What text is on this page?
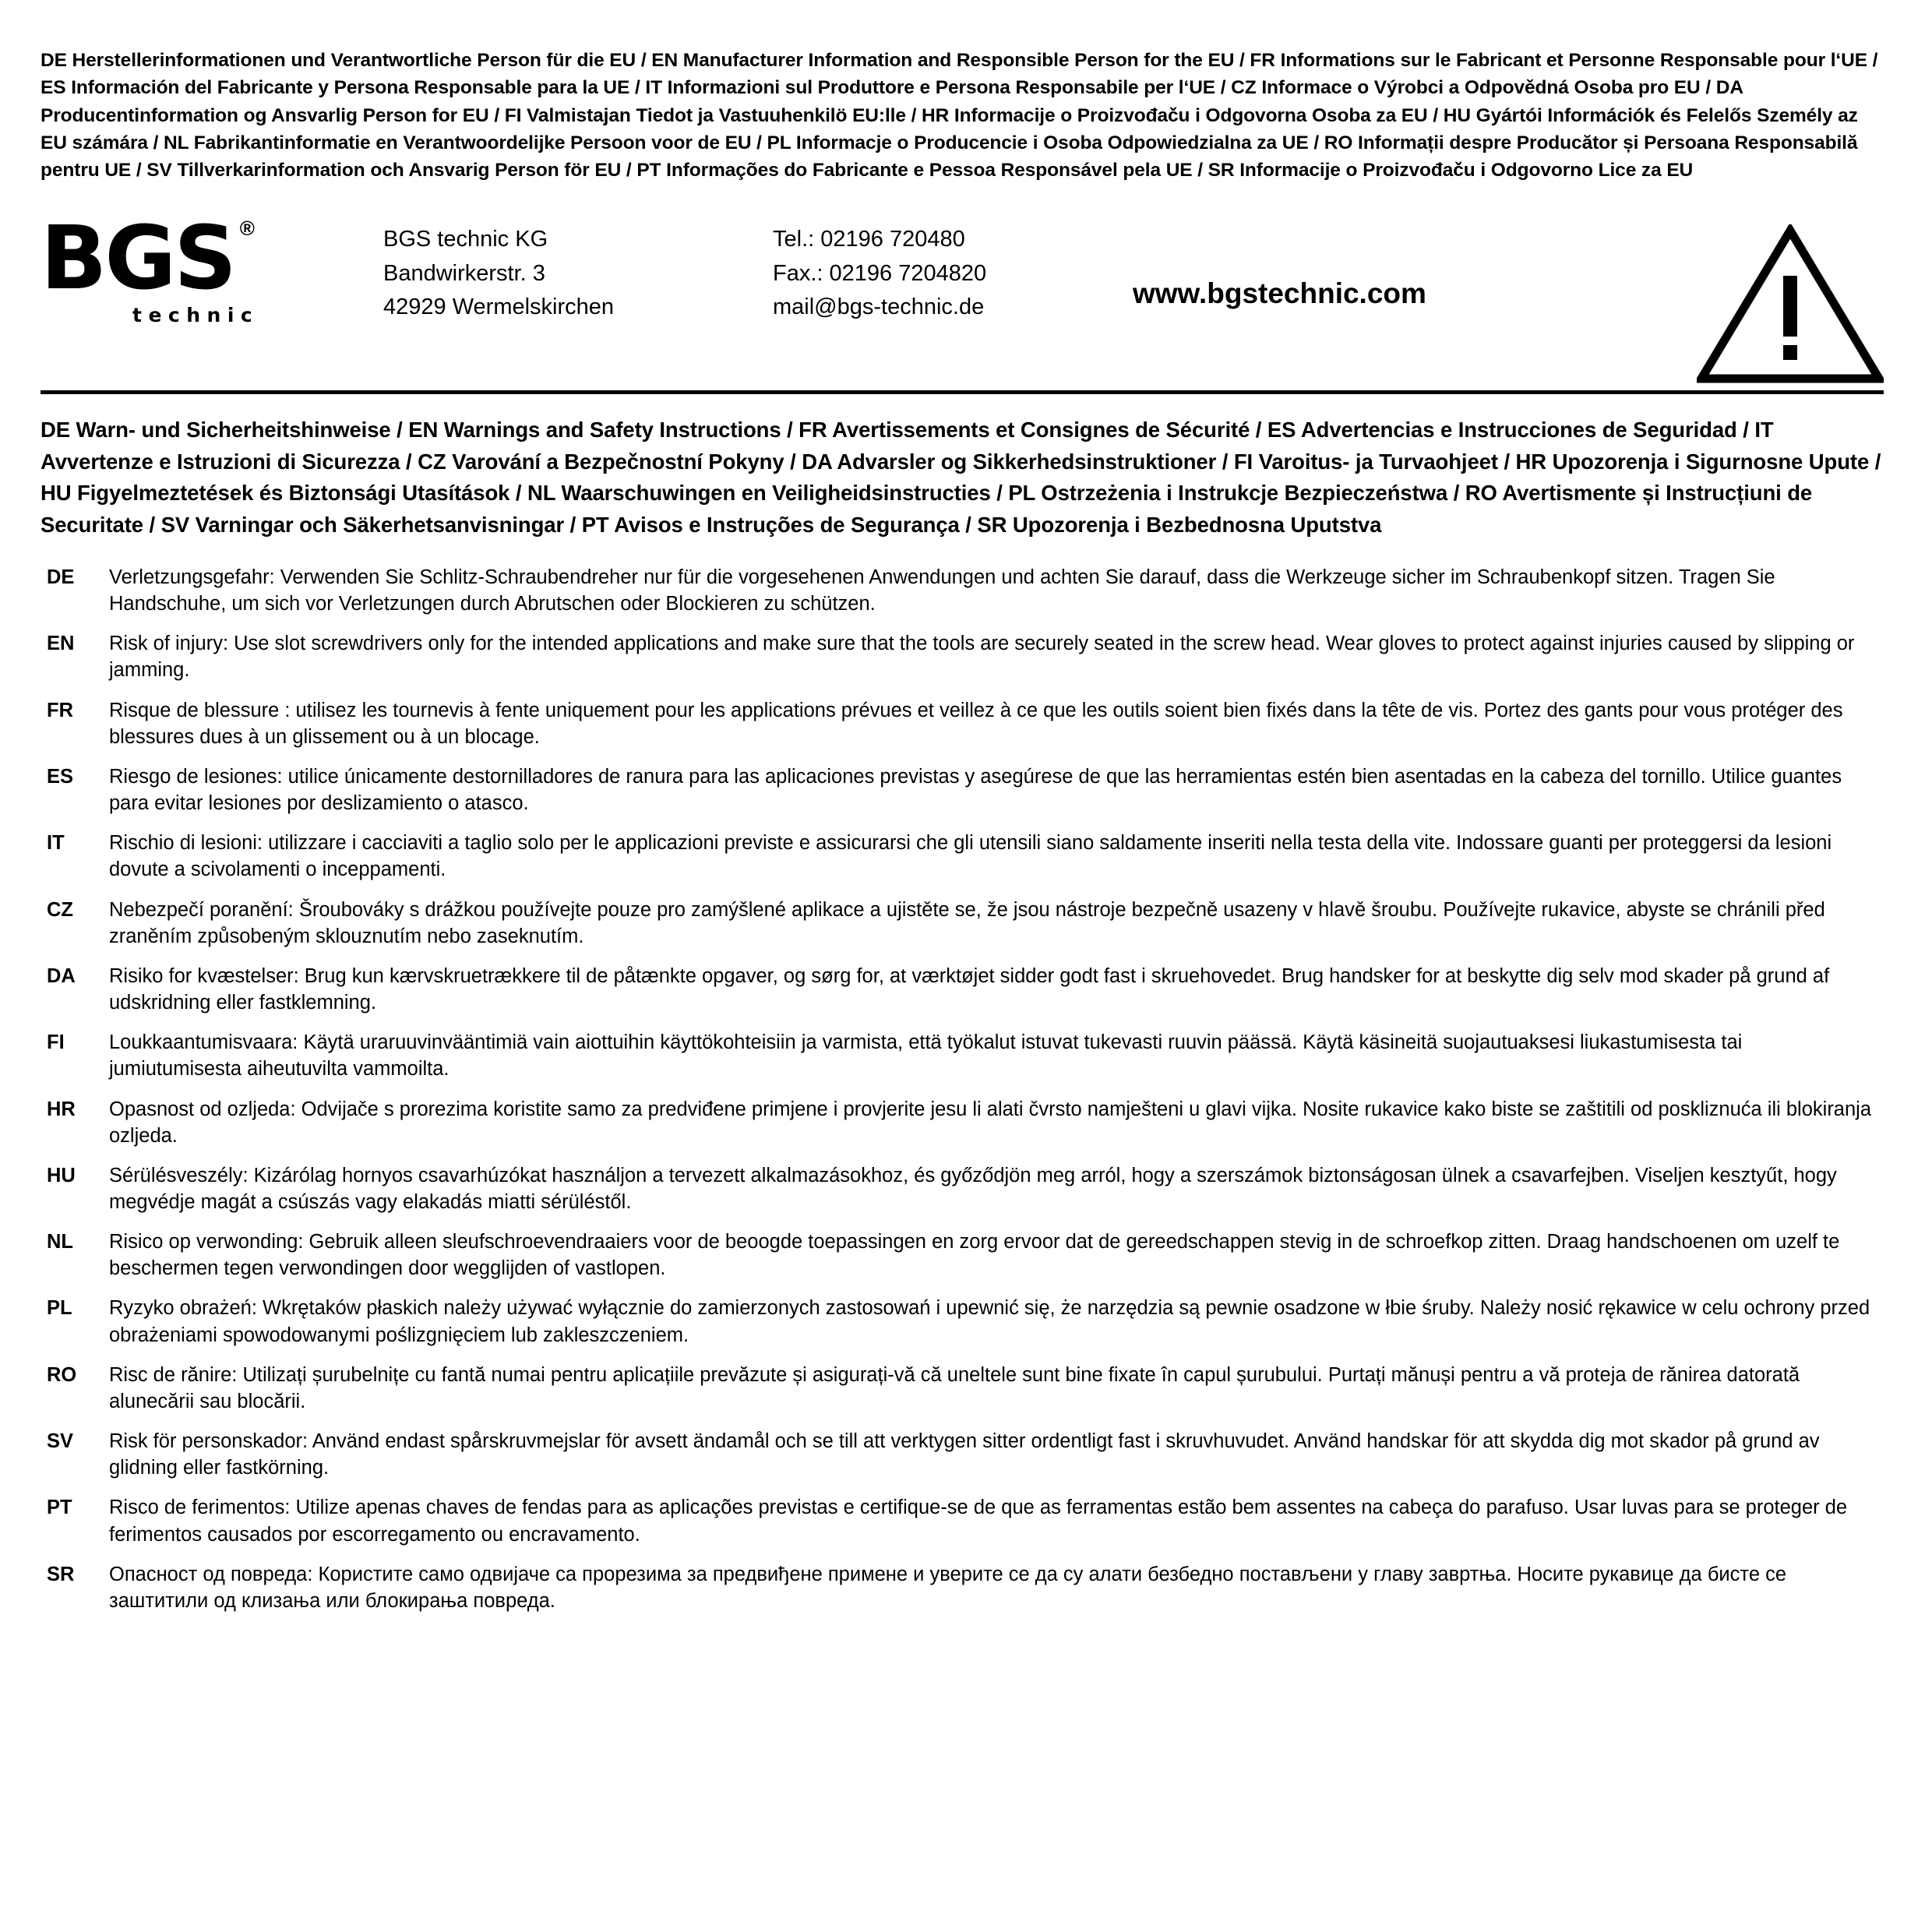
DE Herstellerinformationen und Verantwortliche Person für die EU / EN Manufacturer Information and Responsible Person for the EU / FR Informations sur le Fabricant et Personne Responsable pour l‘UE / ES Información del Fabricante y Persona Responsable para la UE / IT Informazioni sul Produttore e Persona Responsabile per l‘UE / CZ Informace o Výrobci a Odpovědná Osoba pro EU / DA Producentinformation og Ansvarlig Person for EU / FI Valmistajan Tiedot ja Vastuuhenkilö EU:lle / HR Informacije o Proizvođaču i Odgovorna Osoba za EU / HU Gyártói Információk és Felelős Személy az EU számára / NL Fabrikantinformatie en Verantwoordelijke Persoon voor de EU / PL Informacje o Producencie i Osoba Odpowiedzialna za UE / RO Informații despre Producător și Persoana Responsabilă pentru UE / SV Tillverkarinformation och Ansvarig Person för EU / PT Informações do Fabricante e Pessoa Responsável pela UE / SR Informacije o Proizvođaču i Odgovorno Lice za EU
BGS ®
technic
BGS technic KG
Bandwirkerstr. 3
42929 Wermelskirchen
Tel.: 02196 720480
Fax.: 02196 7204820
mail@bgs-technic.de	www.bgstechnic.com
DE Warn- und Sicherheitshinweise / EN Warnings and Safety Instructions / FR Avertissements et Consignes de Sécurité / ES Advertencias e Instrucciones de Seguridad / IT Avvertenze e Istruzioni di Sicurezza / CZ Varování a Bezpečnostní Pokyny / DA Advarsler og Sikkerhedsinstruktioner / FI Varoitus- ja Turvaohjeet / HR Upozorenja i Sigurnosne Upute / HU Figyelmeztetések és Biztonsági Utasítások / NL Waarschuwingen en Veiligheidsinstructies / PL Ostrzeżenia i Instrukcje Bezpieczeństwa / RO Avertismente și Instrucțiuni de Securitate / SV Varningar och Säkerhetsanvisningar / PT Avisos e Instruções de Segurança / SR Upozorenja i Bezbednosna Uputstva
DE	Verletzungsgefahr: Verwenden Sie Schlitz-Schraubendreher nur für die vorgesehenen Anwendungen und achten Sie darauf, dass die Werkzeuge sicher im Schraubenkopf sitzen. Tragen Sie Handschuhe, um sich vor Verletzungen durch Abrutschen oder Blockieren zu schützen.
EN	Risk of injury: Use slot screwdrivers only for the intended applications and make sure that the tools are securely seated in the screw head. Wear gloves to protect against injuries caused by slipping or jamming.
FR	Risque de blessure : utilisez les tournevis à fente uniquement pour les applications prévues et veillez à ce que les outils soient bien fixés dans la tête de vis. Portez des gants pour vous protéger des blessures dues à un glissement ou à un blocage.
ES	Riesgo de lesiones: utilice únicamente destornilladores de ranura para las aplicaciones previstas y asegúrese de que las herramientas estén bien asentadas en la cabeza del tornillo. Utilice guantes para evitar lesiones por deslizamiento o atasco.
IT	Rischio di lesioni: utilizzare i cacciaviti a taglio solo per le applicazioni previste e assicurarsi che gli utensili siano saldamente inseriti nella testa della vite. Indossare guanti per proteggersi da lesioni dovute a scivolamenti o inceppamenti.
CZ	Nebezpečí poranění: Šroubováky s drážkou používejte pouze pro zamýšlené aplikace a ujistěte se, že jsou nástroje bezpečně usazeny v hlavě šroubu. Používejte rukavice, abyste se chránili před zraněním způsobeným sklouznutím nebo zaseknutím.
DA	Risiko for kvæstelser: Brug kun kærvskruetrækkere til de påtænkte opgaver, og sørg for, at værktøjet sidder godt fast i skruehovedet. Brug handsker for at beskytte dig selv mod skader på grund af udskridning eller fastklemning.
FI	Loukkaantumisvaara: Käytä uraruuvinvääntimiä vain aiottuihin käyttökohteisiin ja varmista, että työkalut istuvat tukevasti ruuvin päässä. Käytä käsineitä suojautuaksesi liukastumisesta tai jumiutumisesta aiheutuvilta vammoilta.
HR	Opasnost od ozljeda: Odvijače s prorezima koristite samo za predviđene primjene i provjerite jesu li alati čvrsto namješteni u glavi vijka. Nosite rukavice kako biste se zaštitili od poskliznuća ili blokiranja ozljeda.
HU	Sérülésveszély: Kizárólag hornyos csavarhúzókat használjon a tervezett alkalmazásokhoz, és győződjön meg arról, hogy a szerszámok biztonságosan ülnek a csavarfejben. Viseljen kesztyűt, hogy megvédje magát a csúszás vagy elakadás miatti sérüléstől.
NL	Risico op verwonding: Gebruik alleen sleufschroevendraaiers voor de beoogde toepassingen en zorg ervoor dat de gereedschappen stevig in de schroefkop zitten. Draag handschoenen om uzelf te beschermen tegen verwondingen door wegglijden of vastlopen.
PL	Ryzyko obrażeń: Wkrętaków płaskich należy używać wyłącznie do zamierzonych zastosowań i upewnić się, że narzędzia są pewnie osadzone w łbie śruby. Należy nosić rękawice w celu ochrony przed obrażeniami spowodowanymi poślizgnięciem lub zakleszczeniem.
RO	Risc de rănire: Utilizați șurubelnițe cu fantă numai pentru aplicațiile prevăzute și asigurați-vă că uneltele sunt bine fixate în capul șurubului. Purtați mănuși pentru a vă proteja de rănirea datorată alunecării sau blocării.
SV	Risk för personskador: Använd endast spårskruvmejslar för avsett ändamål och se till att verktygen sitter ordentligt fast i skruvhuvudet. Använd handskar för att skydda dig mot skador på grund av glidning eller fastkörning.
PT	Risco de ferimentos: Utilize apenas chaves de fendas para as aplicações previstas e certifique-se de que as ferramentas estão bem assentes na cabeça do parafuso. Usar luvas para se proteger de ferimentos causados por escorregamento ou encravamento.
SR	Опасност од повреда: Користите само одвијаче са прорезима за предвиђене примене и уверите се да су алати безбедно постављени у главу завртња. Носите рукавице да бисте се заштитили од клизања или блокирања повреда.
